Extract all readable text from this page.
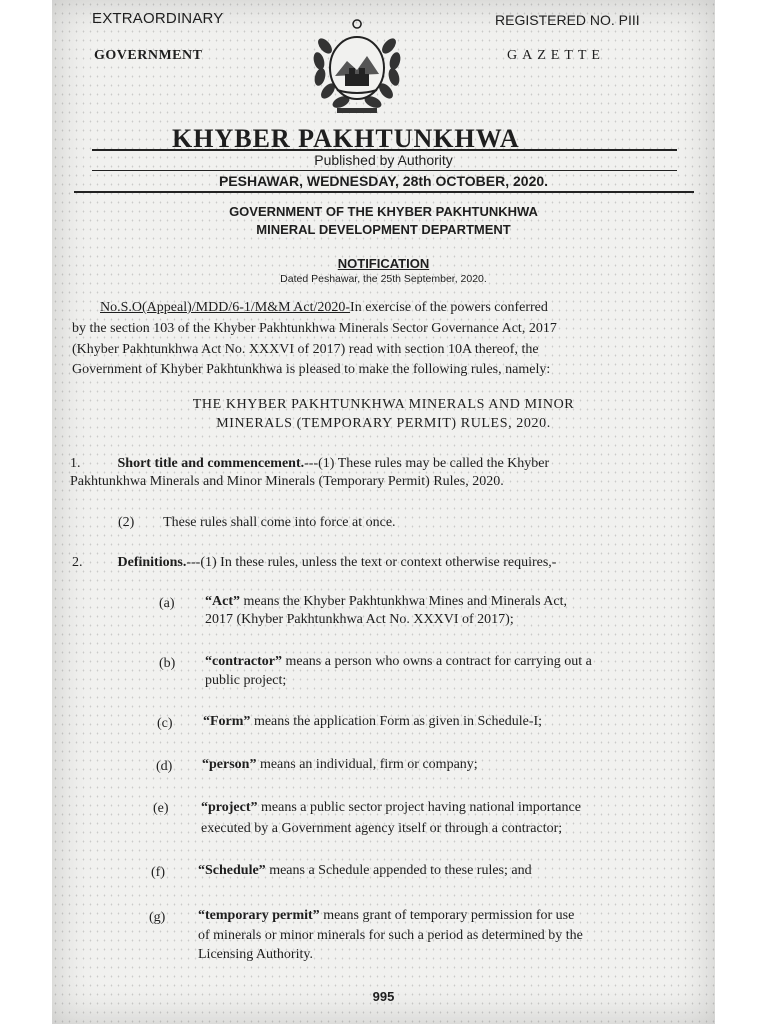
EXTRAORDINARY
GOVERNMENT
REGISTERED NO. PIII
GAZETTE
KHYBER PAKHTUNKHWA
Published by Authority
PESHAWAR, WEDNESDAY, 28th OCTOBER, 2020.
GOVERNMENT OF THE KHYBER PAKHTUNKHWA
MINERAL DEVELOPMENT DEPARTMENT
NOTIFICATION
Dated Peshawar, the 25th September, 2020.
No.S.O(Appeal)/MDD/6-1/M&M Act/2020-In exercise of the powers conferred
by the section 103 of the Khyber Pakhtunkhwa Minerals Sector Governance Act, 2017
(Khyber Pakhtunkhwa Act No. XXXVI of 2017) read with section 10A thereof, the
Government of Khyber Pakhtunkhwa is pleased to make the following rules, namely:
THE KHYBER PAKHTUNKHWA MINERALS AND MINOR
MINERALS (TEMPORARY PERMIT) RULES, 2020.
1.	Short title and commencement.---(1) These rules may be called the Khyber
Pakhtunkhwa Minerals and Minor Minerals (Temporary Permit) Rules, 2020.
(2) These rules shall come into force at once.
2.	Definitions.---(1) In these rules, unless the text or context otherwise requires,-
(a) “Act” means the Khyber Pakhtunkhwa Mines and Minerals Act,
2017 (Khyber Pakhtunkhwa Act No. XXXVI of 2017);
(b) “contractor” means a person who owns a contract for carrying out a
public project;
(c) “Form” means the application Form as given in Schedule-I;
(d) “person” means an individual, firm or company;
(e) “project” means a public sector project having national importance
executed by a Government agency itself or through a contractor;
(f) “Schedule” means a Schedule appended to these rules; and
(g) “temporary permit” means grant of temporary permission for use
of minerals or minor minerals for such a period as determined by the
Licensing Authority.
995
